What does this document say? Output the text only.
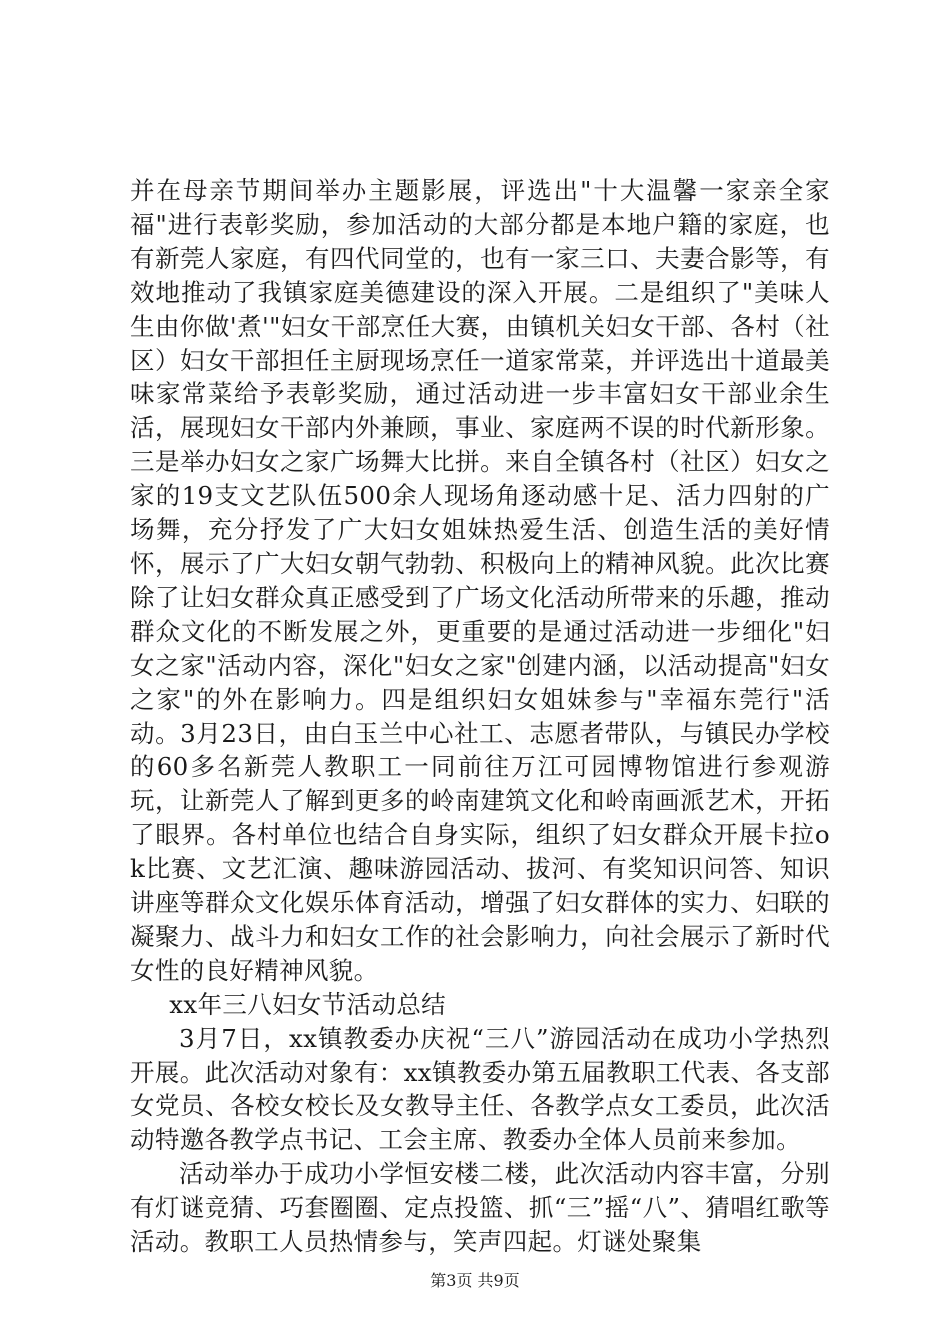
并在母亲节期间举办主题影展，评选出"十大温馨一家亲全家福"进行表彰奖励，参加活动的大部分都是本地户籍的家庭，也有新莞人家庭，有四代同堂的，也有一家三口、夫妻合影等，有效地推动了我镇家庭美德建设的深入开展。二是组织了"美味人生由你做'煮'"妇女干部烹任大赛，由镇机关妇女干部、各村（社区）妇女干部担任主厨现场烹任一道家常菜，并评选出十道最美味家常菜给予表彰奖励，通过活动进一步丰富妇女干部业余生活，展现妇女干部内外兼顾，事业、家庭两不误的时代新形象。三是举办妇女之家广场舞大比拼。来自全镇各村（社区）妇女之家的19支文艺队伍500余人现场角逐动感十足、活力四射的广场舞，充分抒发了广大妇女姐妹热爱生活、创造生活的美好情怀，展示了广大妇女朝气勃勃、积极向上的精神风貌。此次比赛除了让妇女群众真正感受到了广场文化活动所带来的乐趣，推动群众文化的不断发展之外，更重要的是通过活动进一步细化"妇女之家"活动内容，深化"妇女之家"创建内涵，以活动提高"妇女之家"的外在影响力。四是组织妇女姐妹参与"幸福东莞行"活动。3月23日，由白玉兰中心社工、志愿者带队，与镇民办学校的60多名新莞人教职工一同前往万江可园博物馆进行参观游玩，让新莞人了解到更多的岭南建筑文化和岭南画派艺术，开拓了眼界。各村单位也结合自身实际，组织了妇女群众开展卡拉ok比赛、文艺汇演、趣味游园活动、拔河、有奖知识问答、知识讲座等群众文化娱乐体育活动，增强了妇女群体的实力、妇联的凝聚力、战斗力和妇女工作的社会影响力，向社会展示了新时代女性的良好精神风貌。

xx年三八妇女节活动总结

3月7日，xx镇教委办庆祝“三八”游园活动在成功小学热烈开展。此次活动对象有：xx镇教委办第五届教职工代表、各支部女党员、各校女校长及女教导主任、各教学点女工委员，此次活动特邀各教学点书记、工会主席、教委办全体人员前来参加。

活动举办于成功小学恒安楼二楼，此次活动内容丰富，分别有灯谜竞猜、巧套圈圈、定点投篮、抓“三”摇“八”、猜唱红歌等活动。教职工人员热情参与，笑声四起。灯谜处聚集

第3页 共9页
